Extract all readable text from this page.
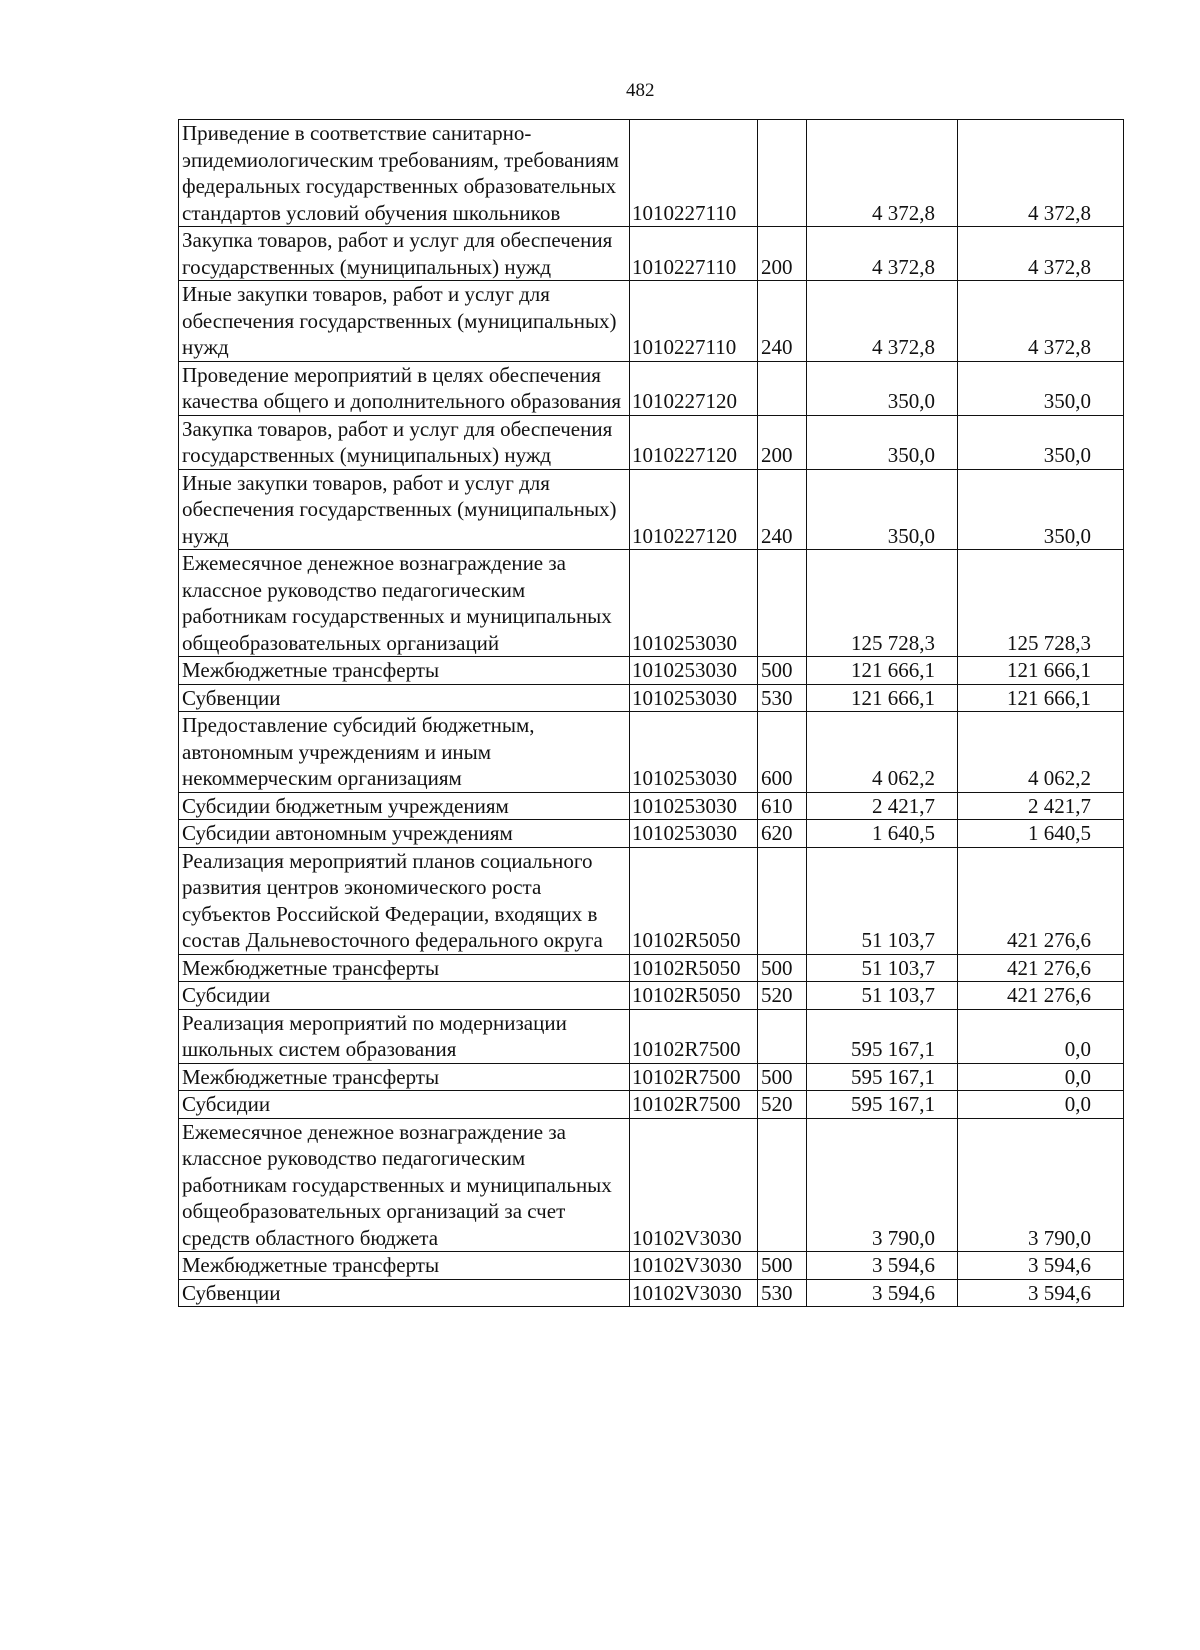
482
Приведение в соответствие санитарно-эпидемиологическим требованиям, требованиям федеральных государственных образовательных стандартов условий обучения школьников	1010227110		4 372,8	4 372,8
Закупка товаров, работ и услуг для обеспечения государственных (муниципальных) нужд	1010227110	200	4 372,8	4 372,8
Иные закупки товаров, работ и услуг для обеспечения государственных (муниципальных) нужд	1010227110	240	4 372,8	4 372,8
Проведение мероприятий в целях обеспечения качества общего и дополнительного образования	1010227120		350,0	350,0
Закупка товаров, работ и услуг для обеспечения государственных (муниципальных) нужд	1010227120	200	350,0	350,0
Иные закупки товаров, работ и услуг для обеспечения государственных (муниципальных) нужд	1010227120	240	350,0	350,0
Ежемесячное денежное вознаграждение за классное руководство педагогическим работникам государственных и муниципальных общеобразовательных организаций	1010253030		125 728,3	125 728,3
Межбюджетные трансферты	1010253030	500	121 666,1	121 666,1
Субвенции	1010253030	530	121 666,1	121 666,1
Предоставление субсидий бюджетным, автономным учреждениям и иным некоммерческим организациям	1010253030	600	4 062,2	4 062,2
Субсидии бюджетным учреждениям	1010253030	610	2 421,7	2 421,7
Субсидии автономным учреждениям	1010253030	620	1 640,5	1 640,5
Реализация мероприятий планов социального развития центров экономического роста субъектов Российской Федерации, входящих в состав Дальневосточного федерального округа	10102R5050		51 103,7	421 276,6
Межбюджетные трансферты	10102R5050	500	51 103,7	421 276,6
Субсидии	10102R5050	520	51 103,7	421 276,6
Реализация мероприятий по модернизации школьных систем образования	10102R7500		595 167,1	0,0
Межбюджетные трансферты	10102R7500	500	595 167,1	0,0
Субсидии	10102R7500	520	595 167,1	0,0
Ежемесячное денежное вознаграждение за классное руководство педагогическим работникам государственных и муниципальных общеобразовательных организаций за счет средств областного бюджета	10102V3030		3 790,0	3 790,0
Межбюджетные трансферты	10102V3030	500	3 594,6	3 594,6
Субвенции	10102V3030	530	3 594,6	3 594,6
